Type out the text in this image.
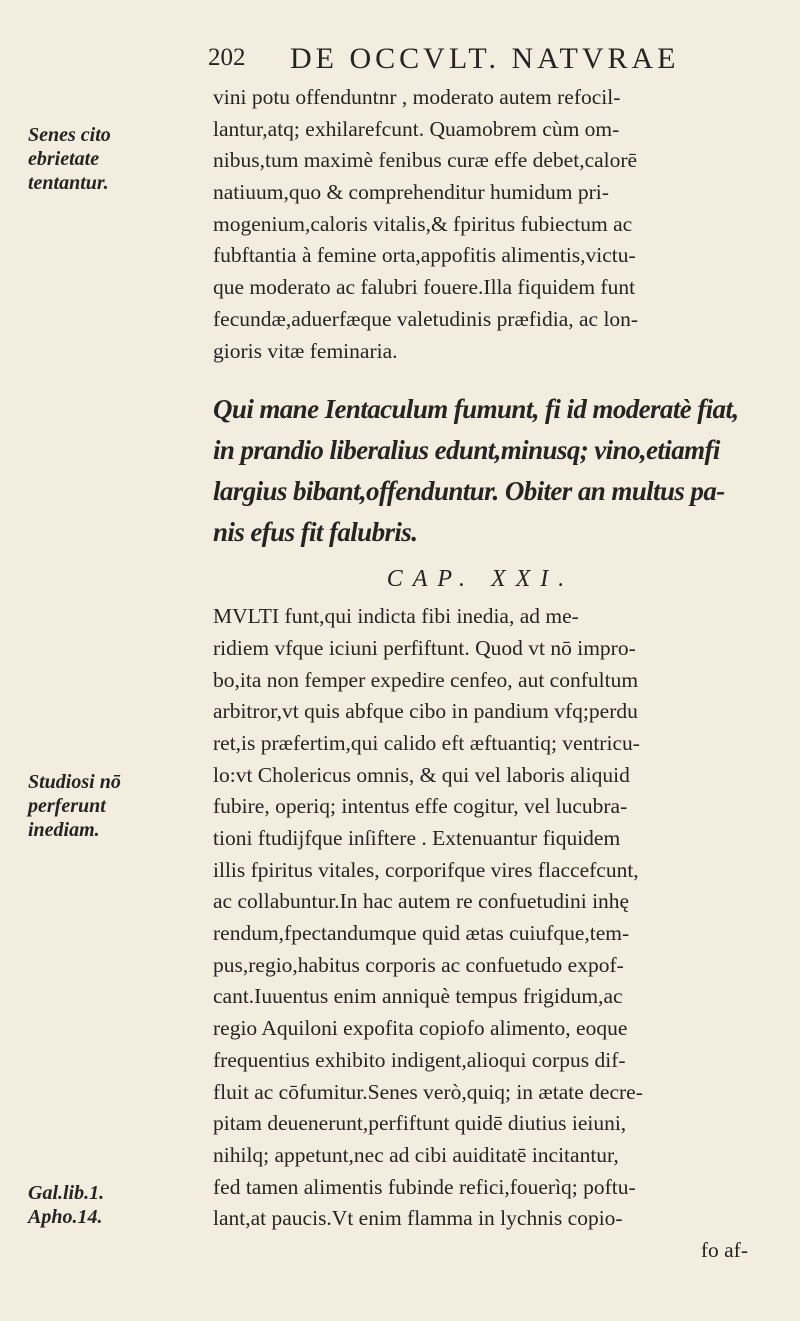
202 DE OCCVLT. NATVRAE
Senes cito
ebrietate
tentantur.
Studiosi nō
perferunt
inediam.
Gal.lib.1.
Apho.14.
vini potu offenduntnr , moderato autem refocil-
lantur,atq; exhilarefcunt. Quamobrem cùm om-
nibus,tum maximè fenibus curæ effe debet,calorē
natiuum,quo & comprehenditur humidum pri-
mogenium,caloris vitalis,& fpiritus fubiectum ac
fubftantia à femine orta,appofitis alimentis,victu-
que moderato ac falubri fouere.Illa fiquidem funt
fecundæ,aduerfæque valetudinis præfidia, ac lon-
gioris vitæ feminaria.
Qui mane Ientaculum fumunt, fi id moderatè fiat,
in prandio liberalius edunt,minusq; vino,etiamfi
largius bibant,offenduntur. Obiter an multus pa-
nis efus fit falubris.
CAP. XXI.
MVLTI funt,qui indicta fibi inedia, ad me-
ridiem vfque iciuni perfiftunt. Quod vt nō impro-
bo,ita non femper expedire cenfeo, aut confultum
arbitror,vt quis abfque cibo in pandium vfq;perdu
ret,is præfertim,qui calido eft æftuantiq; ventricu-
lo:vt Cholericus omnis, & qui vel laboris aliquid
fubire, operiq; intentus effe cogitur, vel lucubra-
tioni ftudijfque inſiftere . Extenuantur fiquidem
illis fpiritus vitales, corporifque vires flaccefcunt,
ac collabuntur.In hac autem re confuetudini inhę
rendum,fpectandumque quid ætas cuiufque,tem-
pus,regio,habitus corporis ac confuetudo expof-
cant.Iuuentus enim anniquè tempus frigidum,ac
regio Aquiloni expofita copiofo alimento, eoque
frequentius exhibito indigent,alioqui corpus dif-
fluit ac cōfumitur.Senes verò,quiq; in ætate decre-
pitam deuenerunt,perfiftunt quidē diutius ieiuni,
nihilq; appetunt,nec ad cibi auiditatē incitantur,
fed tamen alimentis fubinde refici,fouerìq; poftu-
lant,at paucis.Vt enim flamma in lychnis copio-
fo af-
